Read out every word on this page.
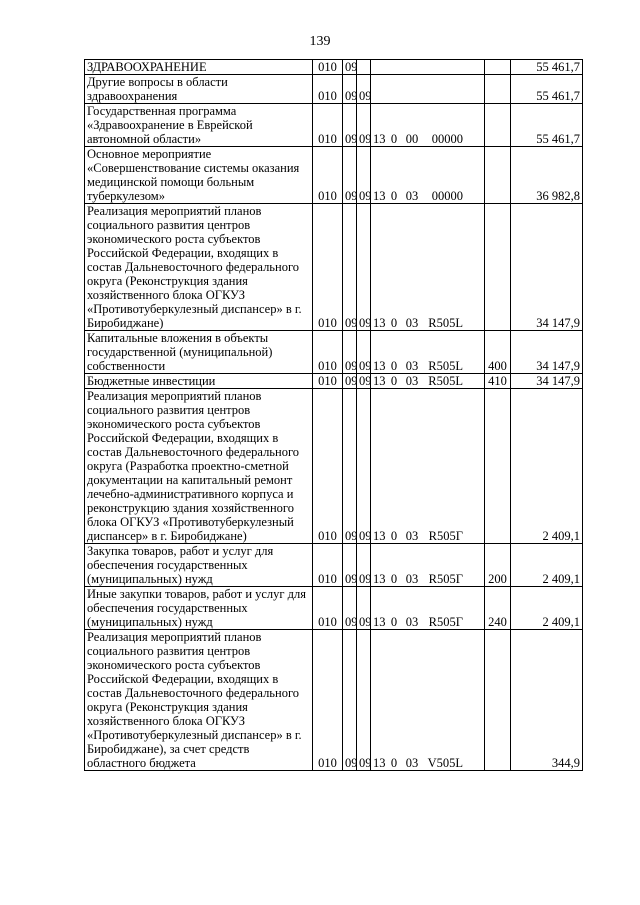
139
ЗДРАВООХРАНЕНИЕ	010	09				55 461,7
Другие вопросы в области здравоохранения	010	09	09			55 461,7
Государственная программа «Здравоохранение в Еврейской автономной области»	010	09	09	13 0 00 00000		55 461,7
Основное мероприятие «Совершенствование системы оказания медицинской помощи больным туберкулезом»	010	09	09	13 0 03 00000		36 982,8
Реализация мероприятий планов социального развития центров экономического роста субъектов Российской Федерации, входящих в состав Дальневосточного федерального округа (Реконструкция здания хозяйственного блока ОГКУЗ «Противотуберкулезный диспансер» в г. Биробиджане)	010	09	09	13 0 03 R505L		34 147,9
Капитальные вложения в объекты государственной (муниципальной) собственности	010	09	09	13 0 03 R505L	400	34 147,9
Бюджетные инвестиции	010	09	09	13 0 03 R505L	410	34 147,9
Реализация мероприятий планов социального развития центров экономического роста субъектов Российской Федерации, входящих в состав Дальневосточного федерального округа (Разработка проектно-сметной документации на капитальный ремонт лечебно-административного корпуса и реконструкцию здания хозяйственного блока ОГКУЗ «Противотуберкулезный диспансер» в г. Биробиджане)	010	09	09	13 0 03 R505Г		2 409,1
Закупка товаров, работ и услуг для обеспечения государственных (муниципальных) нужд	010	09	09	13 0 03 R505Г	200	2 409,1
Иные закупки товаров, работ и услуг для обеспечения государственных (муниципальных) нужд	010	09	09	13 0 03 R505Г	240	2 409,1
Реализация мероприятий планов социального развития центров экономического роста субъектов Российской Федерации, входящих в состав Дальневосточного федерального округа (Реконструкция здания хозяйственного блока ОГКУЗ «Противотуберкулезный диспансер» в г. Биробиджане), за счет средств областного бюджета	010	09	09	13 0 03 V505L		344,9
